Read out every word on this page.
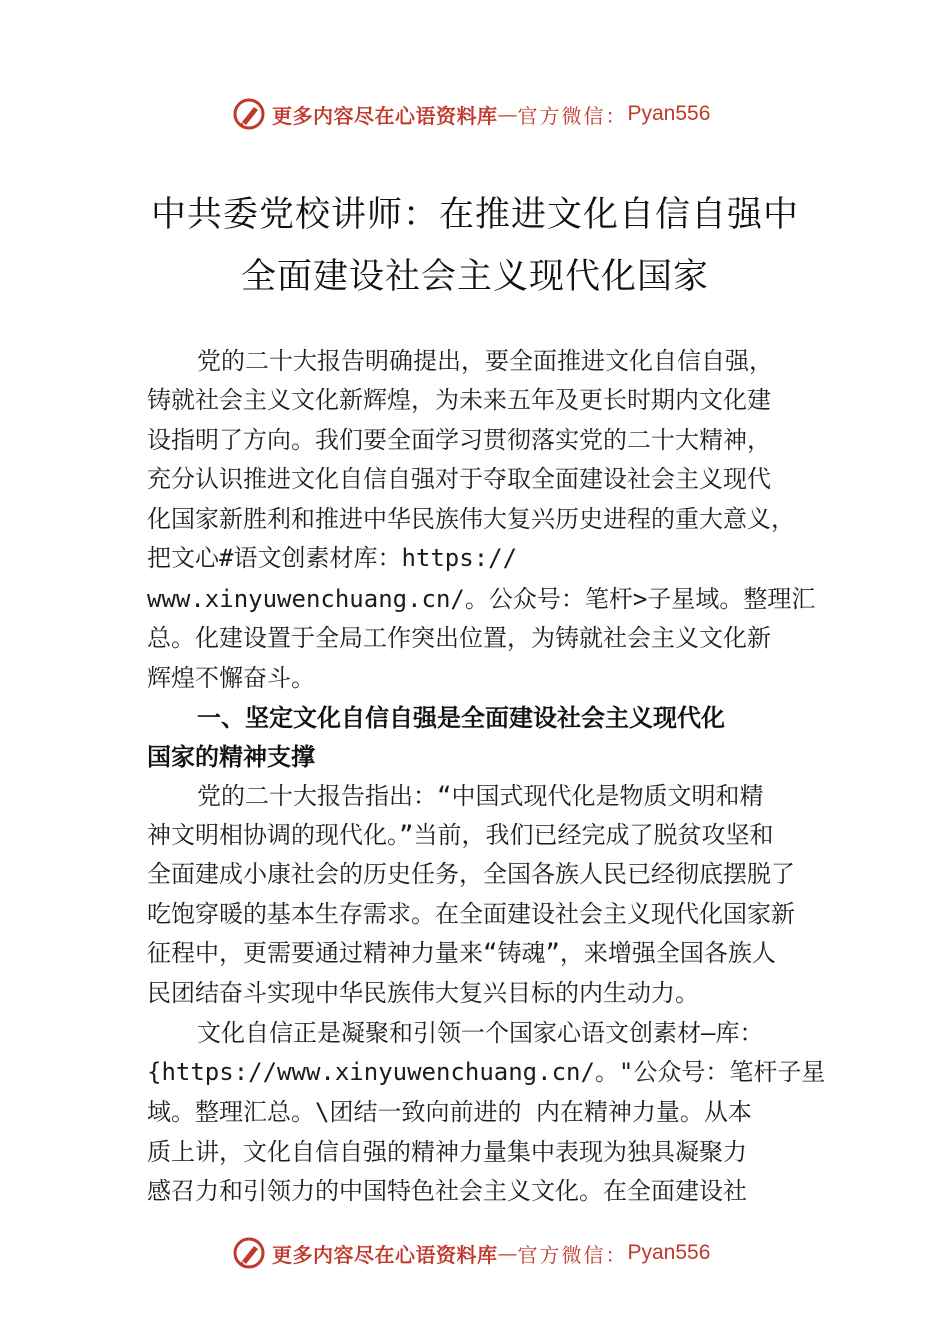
更多内容尽在心语资料库 — 官方微信： Pyan556
中共委党校讲师：在推进文化自信自强中
全面建设社会主义现代化国家
党的二十大报告明确提出，要全面推进文化自信自强，
铸就社会主义文化新辉煌，为未来五年及更长时期内文化建
设指明了方向。我们要全面学习贯彻落实党的二十大精神，
充分认识推进文化自信自强对于夺取全面建设社会主义现代
化国家新胜利和推进中华民族伟大复兴历史进程的重大意义，
把文心#语文创素材库：https://
www.xinyuwenchuang.cn/。公众号：笔杆>子星域。整理汇
总。化建设置于全局工作突出位置，为铸就社会主义文化新
辉煌不懈奋斗。
一、坚定文化自信自强是全面建设社会主义现代化
国家的精神支撑
党的二十大报告指出：“中国式现代化是物质文明和精
神文明相协调的现代化。”当前，我们已经完成了脱贫攻坚和
全面建成小康社会的历史任务，全国各族人民已经彻底摆脱了
吃饱穿暖的基本生存需求。在全面建设社会主义现代化国家新
征程中，更需要通过精神力量来“铸魂”，来增强全国各族人
民团结奋斗实现中华民族伟大复兴目标的内生动力。
文化自信正是凝聚和引领一个国家心语文创素材—库：
{https://www.xinyuwenchuang.cn/。"公众号：笔杆子星
域。整理汇总。\团结一致向前进的 内在精神力量。从本
质上讲，文化自信自强的精神力量集中表现为独具凝聚力
感召力和引领力的中国特色社会主义文化。在全面建设社
更多内容尽在心语资料库 — 官方微信： Pyan556
